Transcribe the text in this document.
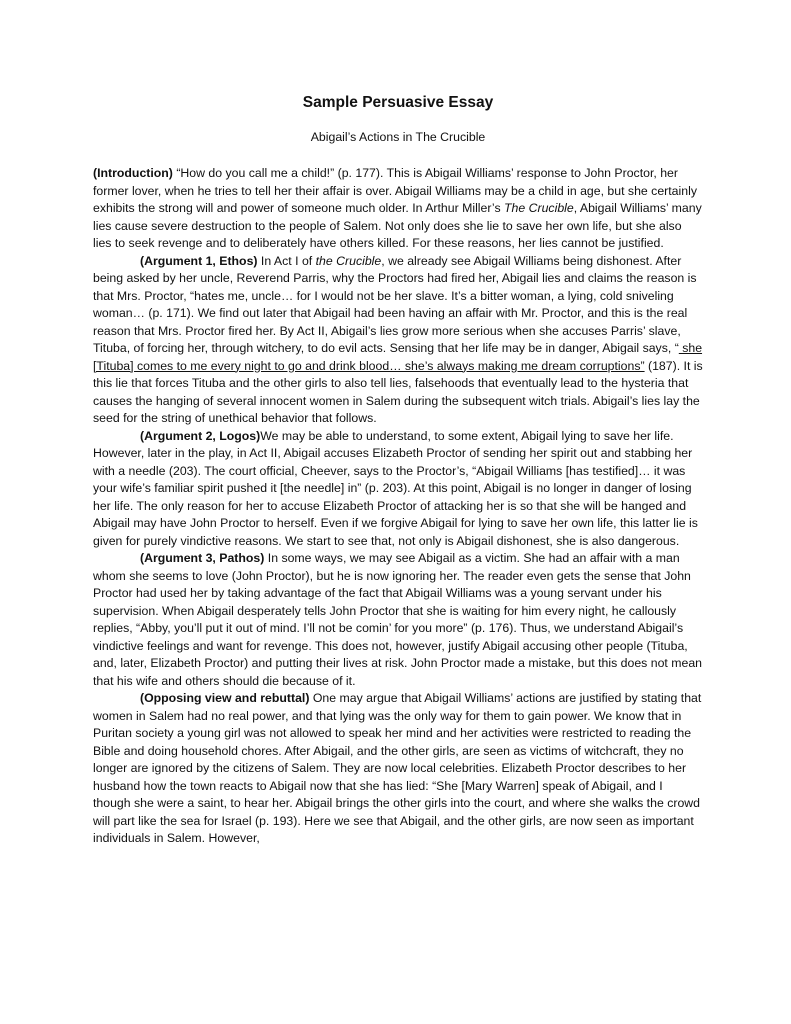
Sample Persuasive Essay

Abigail’s Actions in The Crucible

(Introduction) “How do you call me a child!” (p. 177). This is Abigail Williams’ response to John Proctor, her former lover, when he tries to tell her their affair is over. Abigail Williams may be a child in age, but she certainly exhibits the strong will and power of someone much older. In Arthur Miller’s The Crucible, Abigail Williams’ many lies cause severe destruction to the people of Salem. Not only does she lie to save her own life, but she also lies to seek revenge and to deliberately have others killed. For these reasons, her lies cannot be justified.

(Argument 1, Ethos) In Act I of the Crucible, we already see Abigail Williams being dishonest. After being asked by her uncle, Reverend Parris, why the Proctors had fired her, Abigail lies and claims the reason is that Mrs. Proctor, “hates me, uncle… for I would not be her slave. It’s a bitter woman, a lying, cold sniveling woman… (p. 171). We find out later that Abigail had been having an affair with Mr. Proctor, and this is the real reason that Mrs. Proctor fired her. By Act II, Abigail’s lies grow more serious when she accuses Parris’ slave, Tituba, of forcing her, through witchery, to do evil acts. Sensing that her life may be in danger, Abigail says, “ she [Tituba] comes to me every night to go and drink blood… she’s always making me dream corruptions” (187). It is this lie that forces Tituba and the other girls to also tell lies, falsehoods that eventually lead to the hysteria that causes the hanging of several innocent women in Salem during the subsequent witch trials. Abigail’s lies lay the seed for the string of unethical behavior that follows.

(Argument 2, Logos)We may be able to understand, to some extent, Abigail lying to save her life. However, later in the play, in Act II, Abigail accuses Elizabeth Proctor of sending her spirit out and stabbing her with a needle (203). The court official, Cheever, says to the Proctor’s, “Abigail Williams [has testified]… it was your wife’s familiar spirit pushed it [the needle] in” (p. 203). At this point, Abigail is no longer in danger of losing her life. The only reason for her to accuse Elizabeth Proctor of attacking her is so that she will be hanged and Abigail may have John Proctor to herself. Even if we forgive Abigail for lying to save her own life, this latter lie is given for purely vindictive reasons. We start to see that, not only is Abigail dishonest, she is also dangerous.

(Argument 3, Pathos) In some ways, we may see Abigail as a victim. She had an affair with a man whom she seems to love (John Proctor), but he is now ignoring her. The reader even gets the sense that John Proctor had used her by taking advantage of the fact that Abigail Williams was a young servant under his supervision. When Abigail desperately tells John Proctor that she is waiting for him every night, he callously replies, “Abby, you’ll put it out of mind. I’ll not be comin’ for you more” (p. 176). Thus, we understand Abigail’s vindictive feelings and want for revenge. This does not, however, justify Abigail accusing other people (Tituba, and, later, Elizabeth Proctor) and putting their lives at risk. John Proctor made a mistake, but this does not mean that his wife and others should die because of it.

(Opposing view and rebuttal) One may argue that Abigail Williams’ actions are justified by stating that women in Salem had no real power, and that lying was the only way for them to gain power. We know that in Puritan society a young girl was not allowed to speak her mind and her activities were restricted to reading the Bible and doing household chores. After Abigail, and the other girls, are seen as victims of witchcraft, they no longer are ignored by the citizens of Salem. They are now local celebrities. Elizabeth Proctor describes to her husband how the town reacts to Abigail now that she has lied: “She [Mary Warren] speak of Abigail, and I though she were a saint, to hear her. Abigail brings the other girls into the court, and where she walks the crowd will part like the sea for Israel (p. 193). Here we see that Abigail, and the other girls, are now seen as important individuals in Salem. However,
